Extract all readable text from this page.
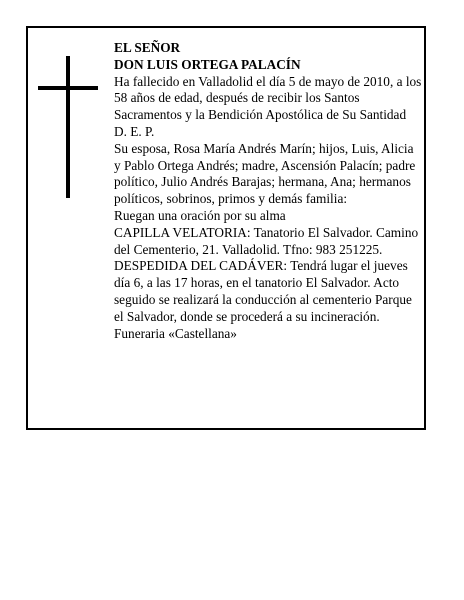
EL SEÑOR

DON LUIS ORTEGA PALACÍN

Ha fallecido en Valladolid el día 5 de mayo de 2010, a los 58 años de edad, después de recibir los Santos Sacramentos y la Bendición Apostólica de Su Santidad D. E. P.

Su esposa, Rosa María Andrés Marín; hijos, Luis, Alicia y Pablo Ortega Andrés; madre, Ascensión Palacín; padre político, Julio Andrés Barajas; hermana, Ana; hermanos políticos, sobrinos, primos y demás familia:

Ruegan una oración por su alma

CAPILLA VELATORIA: Tanatorio El Salvador. Camino del Cementerio, 21. Valladolid. Tfno: 983 251225.

DESPEDIDA DEL CADÁVER: Tendrá lugar el jueves día 6, a las 17 horas, en el tanatorio El Salvador. Acto seguido se realizará la conducción al cementerio Parque el Salvador, donde se procederá a su incineración.

Funeraria «Castellana»
